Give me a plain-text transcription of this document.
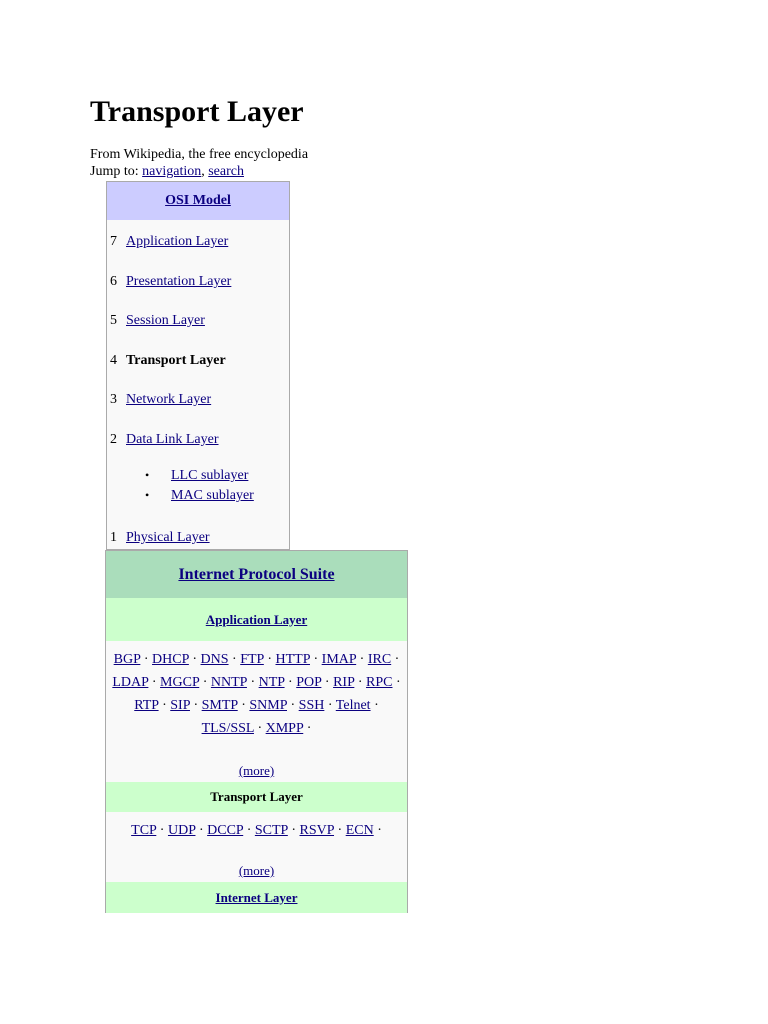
Transport Layer
From Wikipedia, the free encyclopedia
Jump to: navigation, search
OSI Model
7 Application Layer
6 Presentation Layer
5 Session Layer
4 Transport Layer
3 Network Layer
2 Data Link Layer
• LLC sublayer
• MAC sublayer
1 Physical Layer
Internet Protocol Suite
Application Layer
BGP · DHCP · DNS · FTP · HTTP · IMAP · IRC ·
LDAP · MGCP · NNTP · NTP · POP · RIP · RPC ·
RTP · SIP · SMTP · SNMP · SSH · Telnet ·
TLS/SSL · XMPP ·
(more)
Transport Layer
TCP · UDP · DCCP · SCTP · RSVP · ECN ·
(more)
Internet Layer
